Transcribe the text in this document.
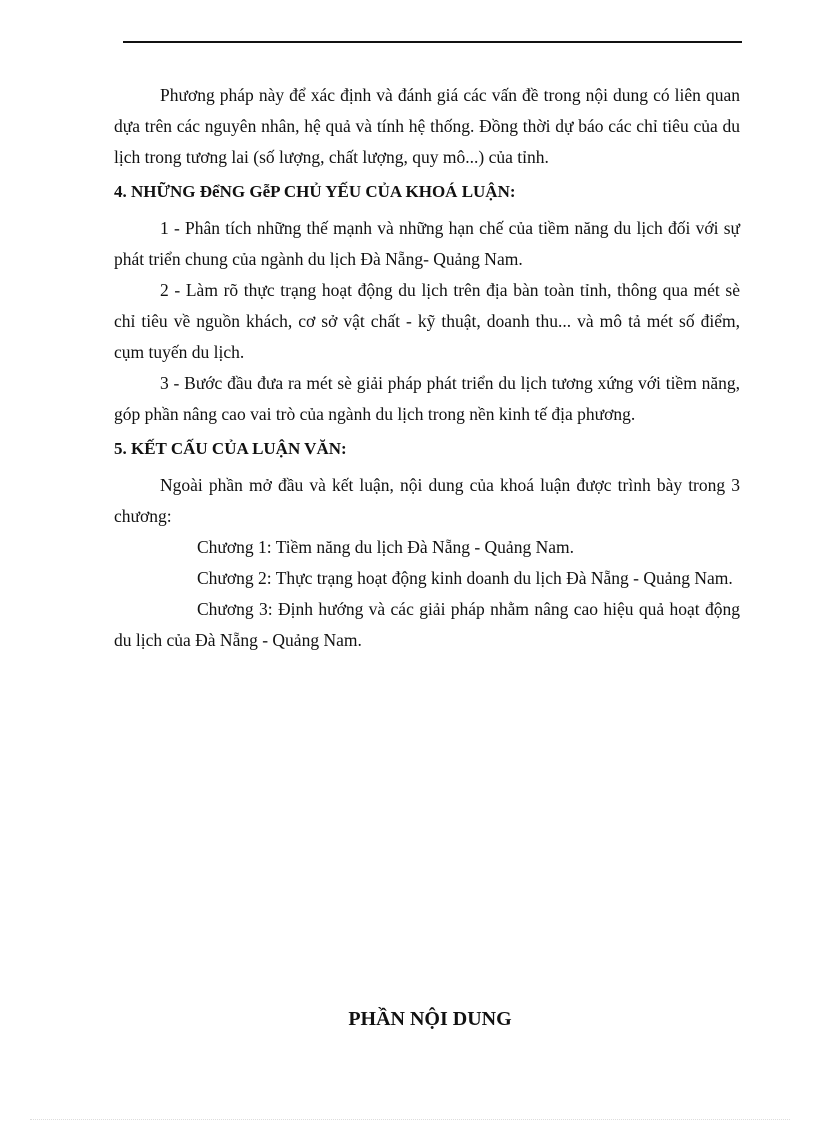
Phương pháp này để xác định và đánh giá các vấn đề trong nội dung có liên quan dựa trên các nguyên nhân, hệ quả và tính hệ thống. Đồng thời dự báo các chỉ tiêu của du lịch trong tương lai (số lượng, chất lượng, quy mô...) của tỉnh.

4. NHỮNG ĐểNG GễP CHỦ YẾU CỦA KHOÁ LUẬN:

1 - Phân tích những thế mạnh và những hạn chế của tiềm năng du lịch đối với sự phát triển chung của ngành du lịch Đà Nẵng- Quảng Nam.

2 - Làm rõ thực trạng hoạt động du lịch trên địa bàn toàn tỉnh, thông qua mét sè chỉ tiêu về nguồn khách, cơ sở vật chất - kỹ thuật, doanh thu... và mô tả mét số điểm, cụm tuyến du lịch.

3 - Bước đầu đưa ra mét sè giải pháp phát triển du lịch tương xứng với tiềm năng, góp phần nâng cao vai trò của ngành du lịch trong nền kinh tế địa phương.

5. KẾT CẤU CỦA LUẬN VĂN:

Ngoài phần mở đầu và kết luận, nội dung của khoá luận được trình bày trong 3 chương:

Chương 1: Tiềm năng du lịch Đà Nẵng - Quảng Nam.

Chương 2: Thực trạng hoạt động kinh doanh du lịch Đà Nẵng - Quảng Nam.

Chương 3: Định hướng và các giải pháp nhằm nâng cao hiệu quả hoạt động du lịch của Đà Nẵng - Quảng Nam.

PHẦN NỘI DUNG
